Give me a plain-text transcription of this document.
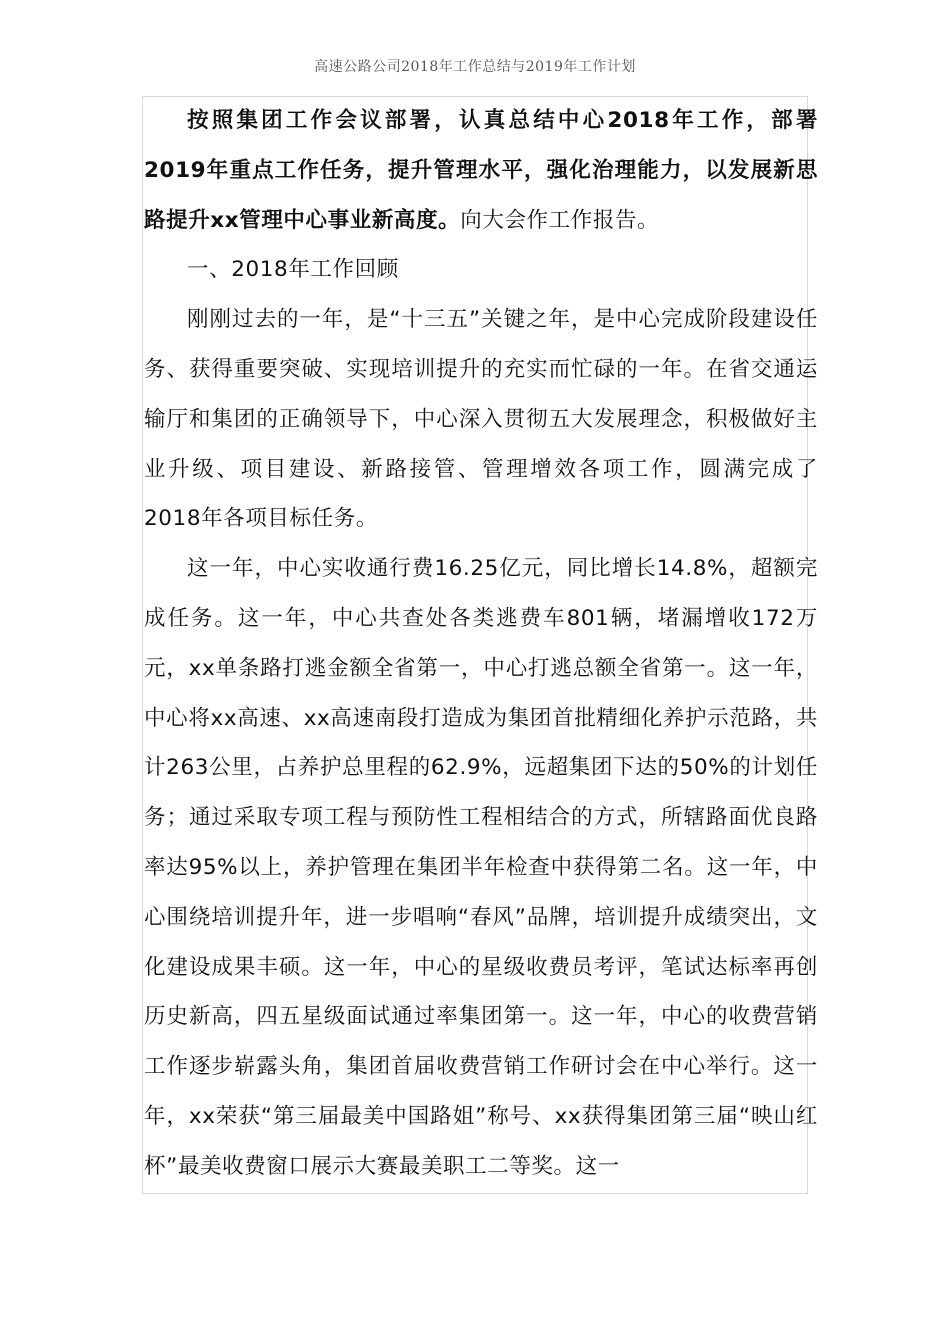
高速公路公司2018年工作总结与2019年工作计划

按照集团工作会议部署，认真总结中心2018年工作，部署2019年重点工作任务，提升管理水平，强化治理能力，以发展新思路提升xx管理中心事业新高度。向大会作工作报告。

一、2018年工作回顾

刚刚过去的一年，是“十三五”关键之年，是中心完成阶段建设任务、获得重要突破、实现培训提升的充实而忙碌的一年。在省交通运输厅和集团的正确领导下，中心深入贯彻五大发展理念，积极做好主业升级、项目建设、新路接管、管理增效各项工作，圆满完成了2018年各项目标任务。

这一年，中心实收通行费16.25亿元，同比增长14.8%，超额完成任务。这一年，中心共查处各类逃费车801辆，堵漏增收172万元，xx单条路打逃金额全省第一，中心打逃总额全省第一。这一年，中心将xx高速、xx高速南段打造成为集团首批精细化养护示范路，共计263公里，占养护总里程的62.9%，远超集团下达的50%的计划任务；通过采取专项工程与预防性工程相结合的方式，所辖路面优良路率达95%以上，养护管理在集团半年检查中获得第二名。这一年，中心围绕培训提升年，进一步唱响“春风”品牌，培训提升成绩突出，文化建设成果丰硕。这一年，中心的星级收费员考评，笔试达标率再创历史新高，四五星级面试通过率集团第一。这一年，中心的收费营销工作逐步崭露头角，集团首届收费营销工作研讨会在中心举行。这一年，xx荣获“第三届最美中国路姐”称号、xx获得集团第三届“映山红杯”最美收费窗口展示大赛最美职工二等奖。这一
